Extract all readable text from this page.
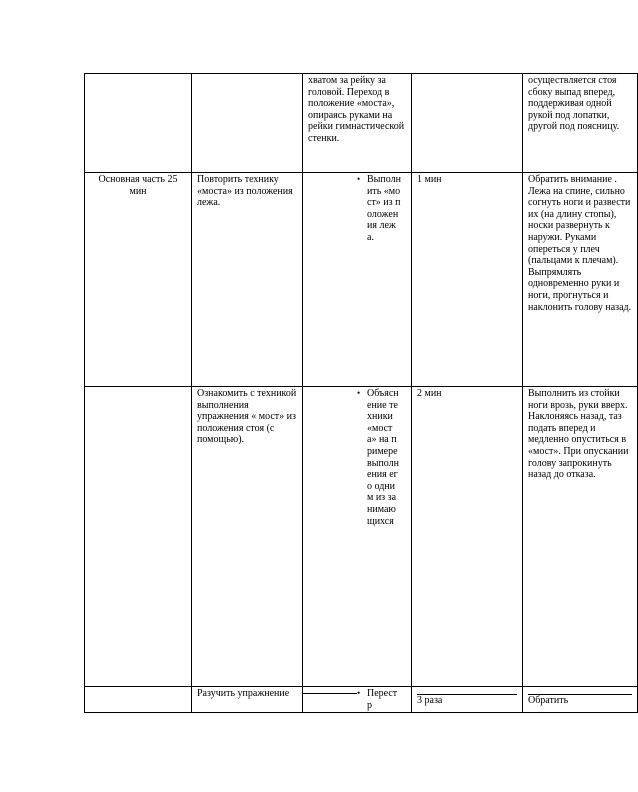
		хватом за рейку за головой. Переход в положение «моста», опираясь руками на рейки гимнастической стенки.		осуществляется стоя сбоку выпад вперед, поддерживая одной рукой под лопатки, другой под поясницу.
Основная часть 25 мин	Повторить технику «моста» из положения лежа.	• Выполнить «мост» из положения лежа.	1 мин	Обратить внимание . Лежа на спине, сильно согнуть ноги и развести их (на длину стопы), носки развернуть к наружи. Руками опереться у плеч (пальцами к плечам). Выпрямлять одновременно руки и ноги, прогнуться и наклонить голову назад.
	Ознакомить с техникой выполнения упражнения « мост» из положения стоя (с помощью).	• Объяснение техники «моста» на примере выполнения его одним из занимающихся	2 мин	Выполнить из стойки ноги врозь, руки вверх. Наклоняясь назад, таз подать вперед и медленно опуститься в «мост». При опускании голову запрокинуть назад до отказа.
	Разучить упражнение	• Перестр	3 раза	Обратить
